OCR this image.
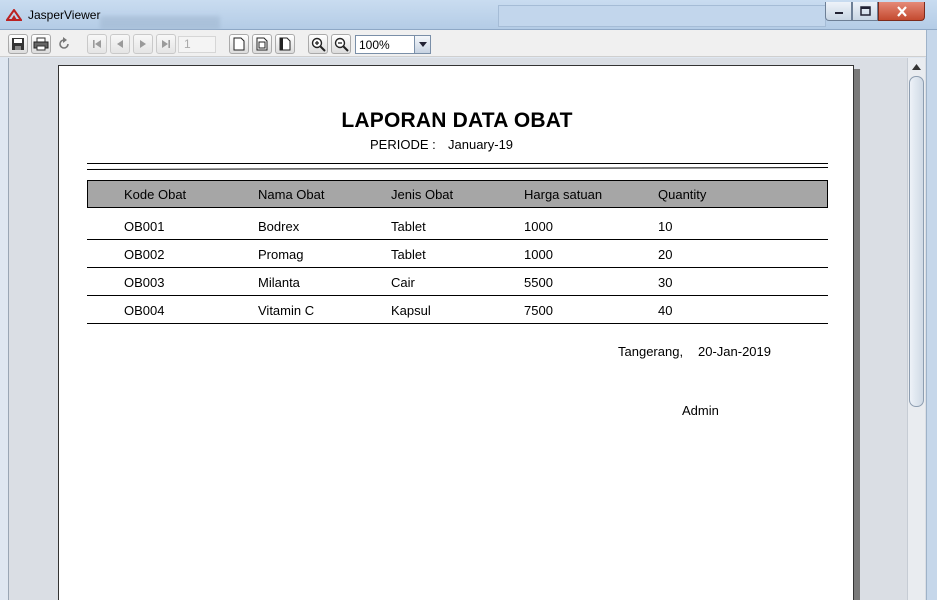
JasperViewer
1	100%
LAPORAN DATA OBAT
PERIODE : January-19
Kode Obat	Nama Obat	Jenis Obat	Harga satuan	Quantity
OB001	Bodrex	Tablet	1000	10
OB002	Promag	Tablet	1000	20
OB003	Milanta	Cair	5500	30
OB004	Vitamin C	Kapsul	7500	40
Tangerang, 20-Jan-2019
Admin
